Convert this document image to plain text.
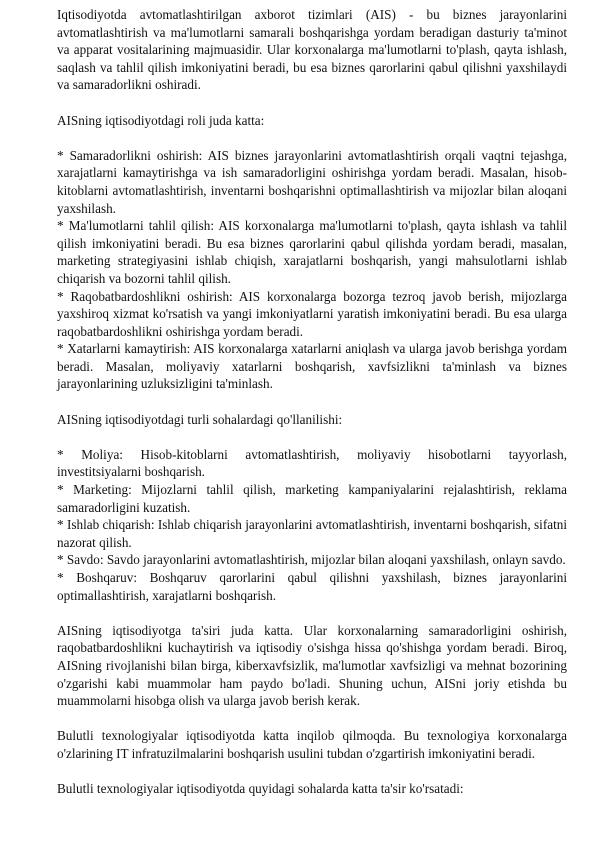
Iqtisodiyotda avtomatlashtirilgan axborot tizimlari (AIS) - bu biznes jarayonlarini avtomatlashtirish va ma'lumotlarni samarali boshqarishga yordam beradigan dasturiy ta'minot va apparat vositalarining majmuasidir. Ular korxonalarga ma'lumotlarni to'plash, qayta ishlash, saqlash va tahlil qilish imkoniyatini beradi, bu esa biznes qarorlarini qabul qilishni yaxshilaydi va samaradorlikni oshiradi.

AISning iqtisodiyotdagi roli juda katta:

* Samaradorlikni oshirish: AIS biznes jarayonlarini avtomatlashtirish orqali vaqtni tejashga, xarajatlarni kamaytirishga va ish samaradorligini oshirishga yordam beradi. Masalan, hisob-kitoblarni avtomatlashtirish, inventarni boshqarishni optimallashtirish va mijozlar bilan aloqani yaxshilash.

* Ma'lumotlarni tahlil qilish: AIS korxonalarga ma'lumotlarni to'plash, qayta ishlash va tahlil qilish imkoniyatini beradi. Bu esa biznes qarorlarini qabul qilishda yordam beradi, masalan, marketing strategiyasini ishlab chiqish, xarajatlarni boshqarish, yangi mahsulotlarni ishlab chiqarish va bozorni tahlil qilish.

* Raqobatbardoshlikni oshirish: AIS korxonalarga bozorga tezroq javob berish, mijozlarga yaxshiroq xizmat ko'rsatish va yangi imkoniyatlarni yaratish imkoniyatini beradi. Bu esa ularga raqobatbardoshlikni oshirishga yordam beradi.

* Xatarlarni kamaytirish: AIS korxonalarga xatarlarni aniqlash va ularga javob berishga yordam beradi. Masalan, moliyaviy xatarlarni boshqarish, xavfsizlikni ta'minlash va biznes jarayonlarining uzluksizligini ta'minlash.

AISning iqtisodiyotdagi turli sohalardagi qo'llanilishi:

* Moliya: Hisob-kitoblarni avtomatlashtirish, moliyaviy hisobotlarni tayyorlash, investitsiyalarni boshqarish.

* Marketing: Mijozlarni tahlil qilish, marketing kampaniyalarini rejalashtirish, reklama samaradorligini kuzatish.

* Ishlab chiqarish: Ishlab chiqarish jarayonlarini avtomatlashtirish, inventarni boshqarish, sifatni nazorat qilish.

* Savdo: Savdo jarayonlarini avtomatlashtirish, mijozlar bilan aloqani yaxshilash, onlayn savdo.

* Boshqaruv: Boshqaruv qarorlarini qabul qilishni yaxshilash, biznes jarayonlarini optimallashtirish, xarajatlarni boshqarish.

AISning iqtisodiyotga ta'siri juda katta. Ular korxonalarning samaradorligini oshirish, raqobatbardoshlikni kuchaytirish va iqtisodiy o'sishga hissa qo'shishga yordam beradi. Biroq, AISning rivojlanishi bilan birga, kiberxavfsizlik, ma'lumotlar xavfsizligi va mehnat bozorining o'zgarishi kabi muammolar ham paydo bo'ladi. Shuning uchun, AISni joriy etishda bu muammolarni hisobga olish va ularga javob berish kerak.

Bulutli texnologiyalar iqtisodiyotda katta inqilob qilmoqda. Bu texnologiya korxonalarga o'zlarining IT infratuzilmalarini boshqarish usulini tubdan o'zgartirish imkoniyatini beradi.

Bulutli texnologiyalar iqtisodiyotda quyidagi sohalarda katta ta'sir ko'rsatadi:
